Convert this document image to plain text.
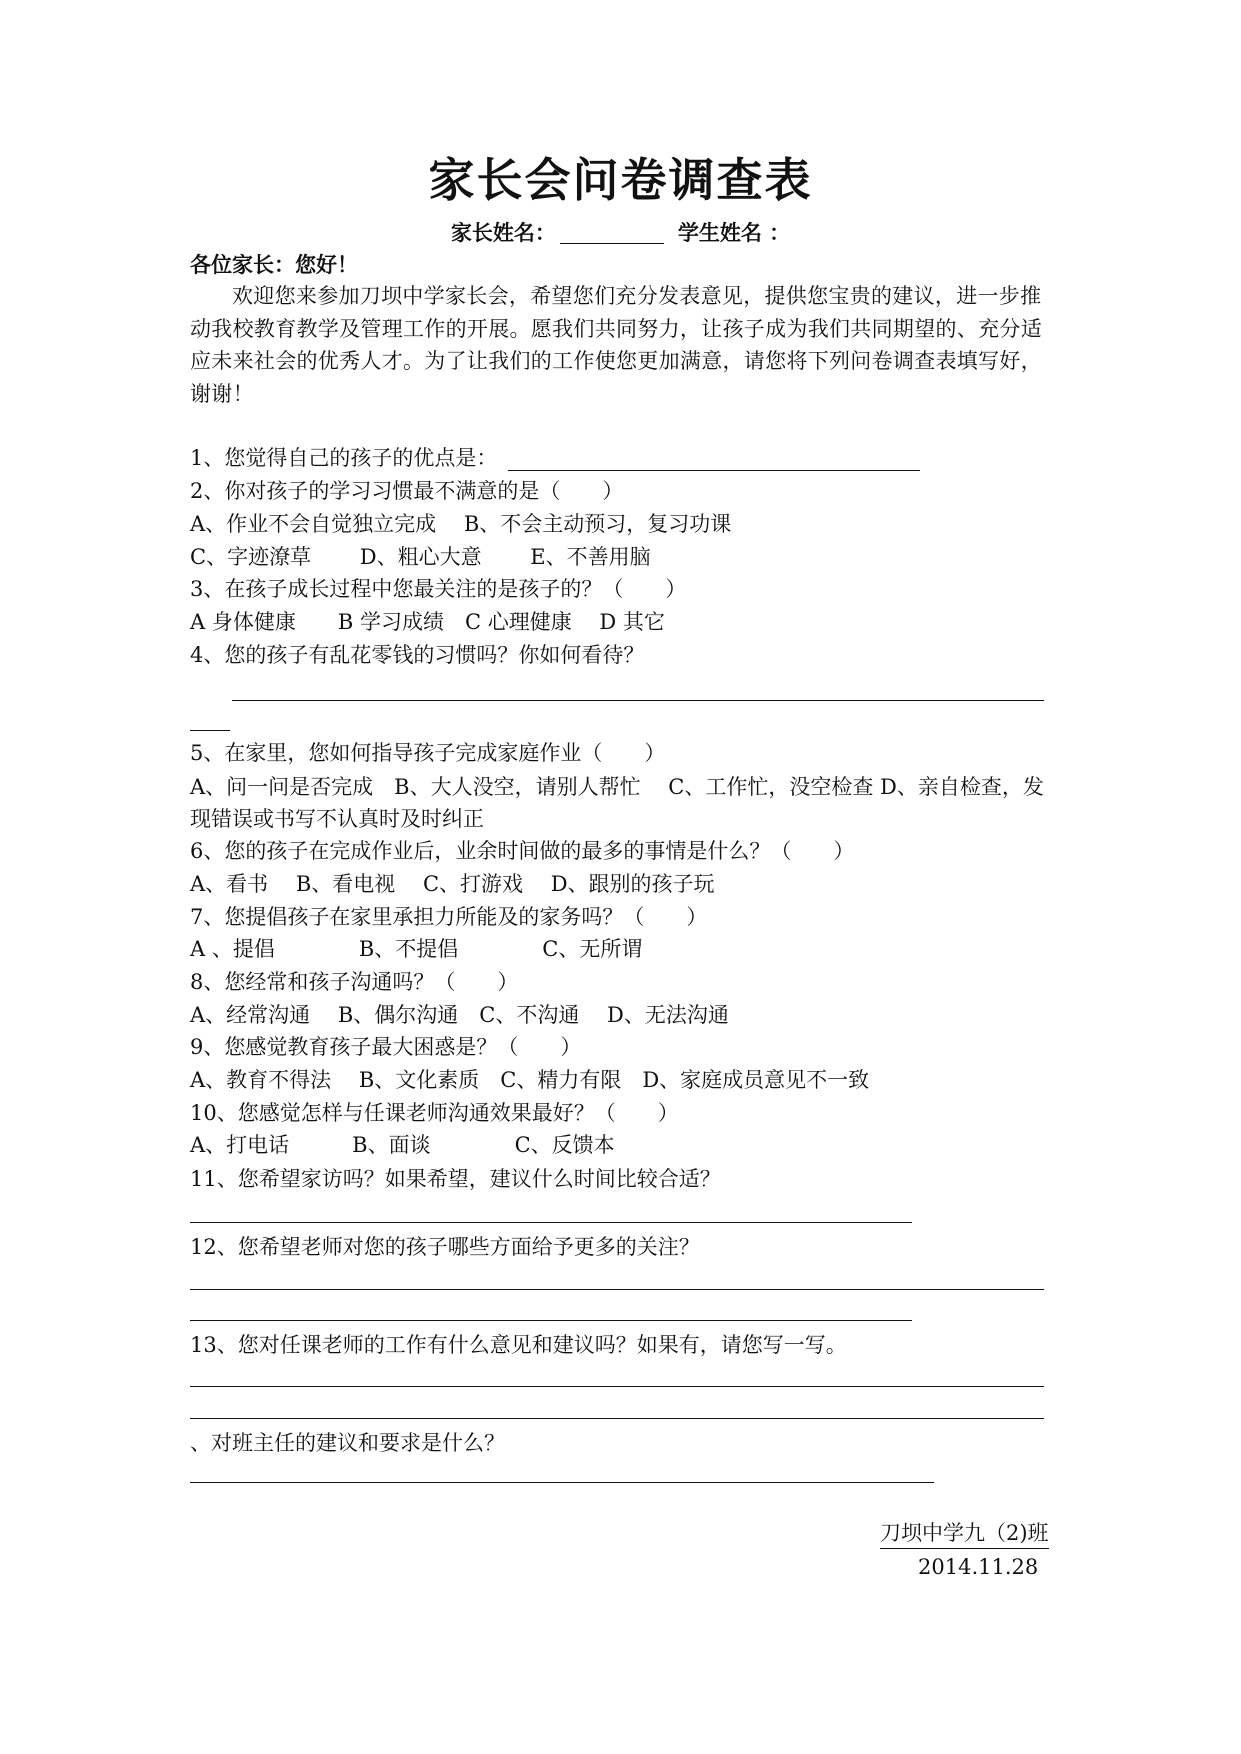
家长会问卷调查表
家长姓名：	学生姓名 ：
各位家长：您好！
欢迎您来参加刀坝中学家长会，希望您们充分发表意见，提供您宝贵的建议，进一步推动我校教育教学及管理工作的开展。愿我们共同努力，让孩子成为我们共同期望的、充分适应未来社会的优秀人才。为了让我们的工作使您更加满意，请您将下列问卷调查表填写好，谢谢！
1、您觉得自己的孩子的优点是：
2、你对孩子的学习习惯最不满意的是（　　）
A、作业不会自觉独立完成　 B、不会主动预习，复习功课
C、字迹潦草　　 D、粗心大意　　 E、不善用脑
3、在孩子成长过程中您最关注的是孩子的？（　　）
A 身体健康　　B 学习成绩　C 心理健康　 D 其它
4、您的孩子有乱花零钱的习惯吗？你如何看待？
5、在家里，您如何指导孩子完成家庭作业（　　）
A、问一问是否完成　B、大人没空，请别人帮忙　 C、工作忙，没空检查 D、亲自检查，发现错误或书写不认真时及时纠正
6、您的孩子在完成作业后，业余时间做的最多的事情是什么？（　　）
A、看书　 B、看电视　 C、打游戏　 D、跟别的孩子玩
7、您提倡孩子在家里承担力所能及的家务吗？（　　）
A 、提倡　　　　B、不提倡　　　　C、无所谓
8、您经常和孩子沟通吗？（　　）
A、经常沟通　 B、偶尔沟通　C、不沟通　 D、无法沟通
9、您感觉教育孩子最大困惑是？（　　）
A、教育不得法　 B、文化素质　C、精力有限　D、家庭成员意见不一致
10、您感觉怎样与任课老师沟通效果最好？（　　）
A、打电话　　　B、面谈　　　　C、反馈本
11、您希望家访吗？如果希望，建议什么时间比较合适？
12、您希望老师对您的孩子哪些方面给予更多的关注？
13、您对任课老师的工作有什么意见和建议吗？如果有，请您写一写。
、对班主任的建议和要求是什么？
刀坝中学九（2)班
2014.11.28
